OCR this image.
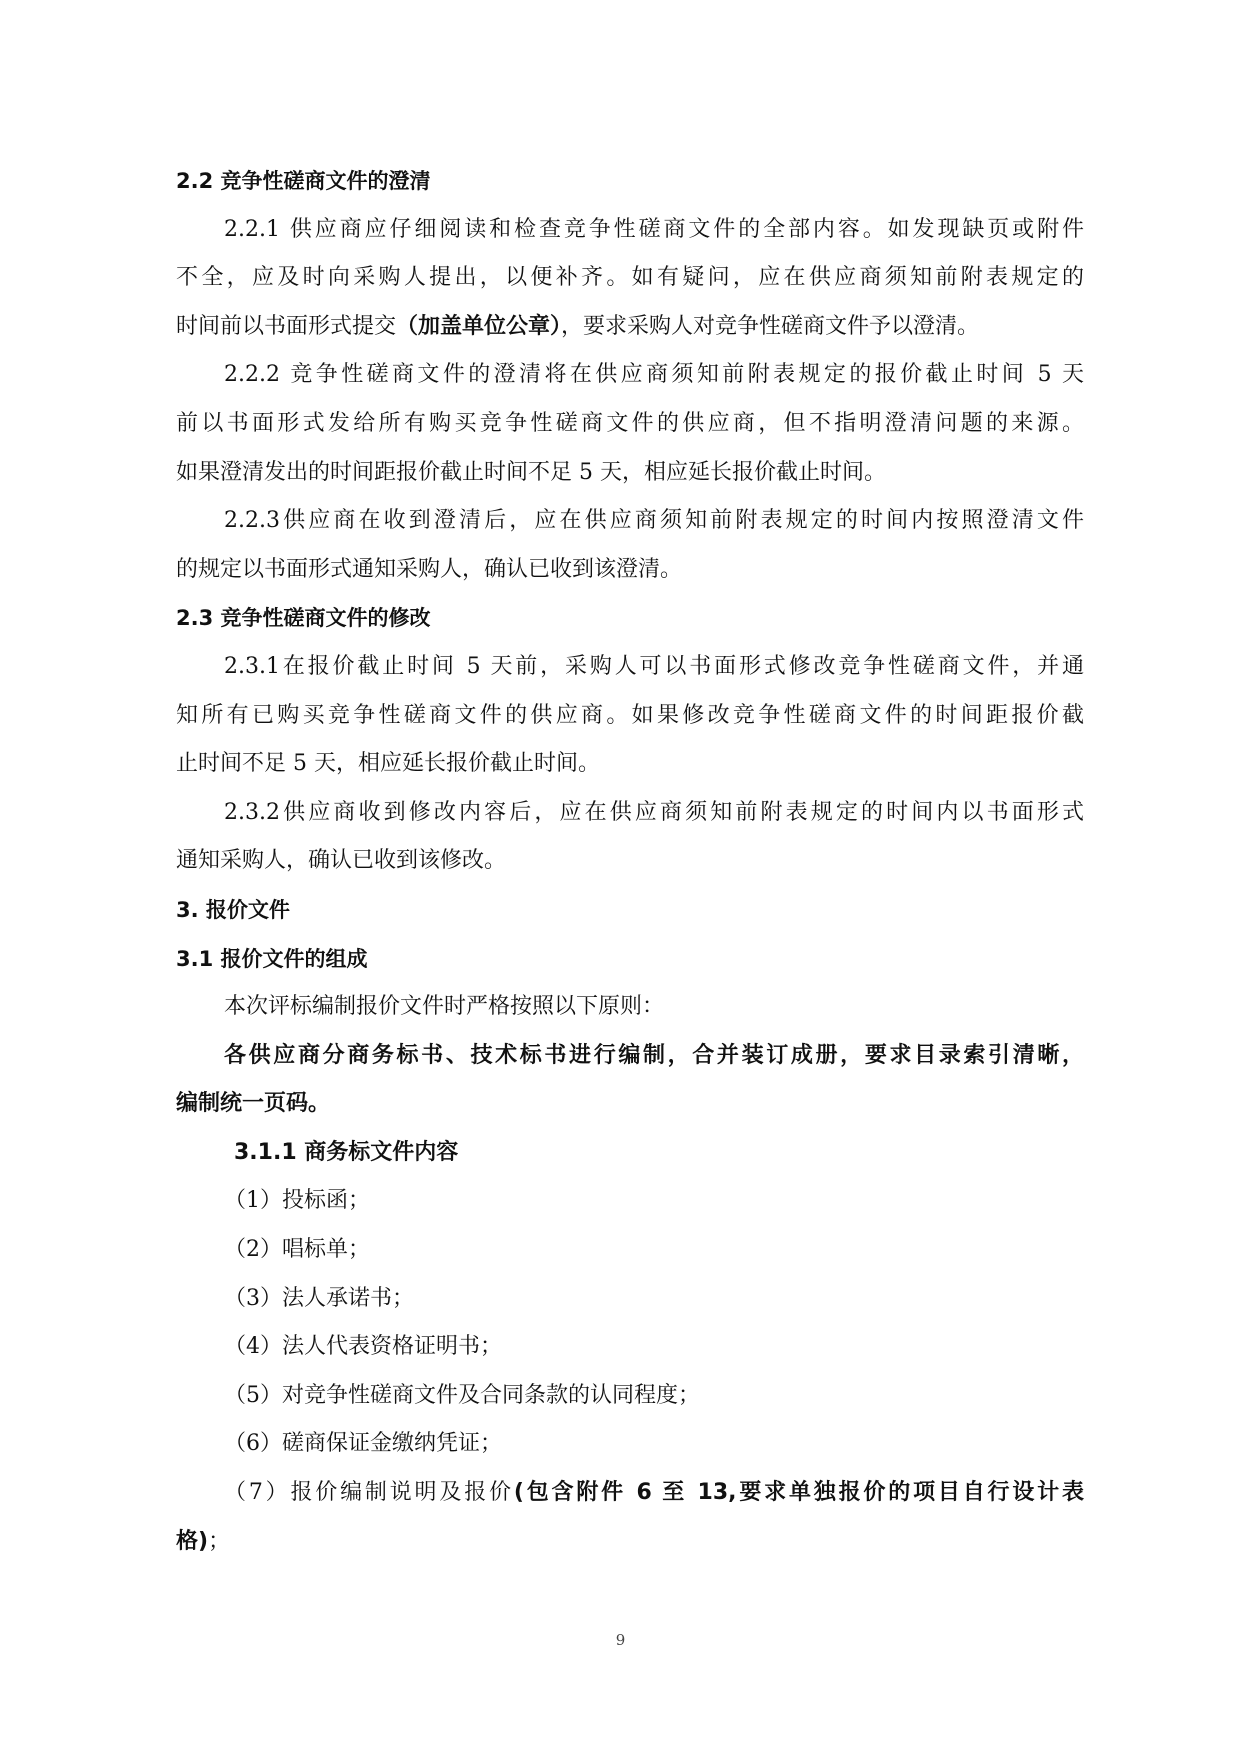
2.2 竞争性磋商文件的澄清
2.2.1 供应商应仔细阅读和检查竞争性磋商文件的全部内容。如发现缺页或附件
不全，应及时向采购人提出，以便补齐。如有疑问，应在供应商须知前附表规定的
时间前以书面形式提交（加盖单位公章），要求采购人对竞争性磋商文件予以澄清。
2.2.2 竞争性磋商文件的澄清将在供应商须知前附表规定的报价截止时间 5 天
前以书面形式发给所有购买竞争性磋商文件的供应商，但不指明澄清问题的来源。
如果澄清发出的时间距报价截止时间不足 5 天，相应延长报价截止时间。
2.2.3供应商在收到澄清后，应在供应商须知前附表规定的时间内按照澄清文件
的规定以书面形式通知采购人，确认已收到该澄清。
2.3 竞争性磋商文件的修改
2.3.1在报价截止时间 5 天前，采购人可以书面形式修改竞争性磋商文件，并通
知所有已购买竞争性磋商文件的供应商。如果修改竞争性磋商文件的时间距报价截
止时间不足 5 天，相应延长报价截止时间。
2.3.2供应商收到修改内容后，应在供应商须知前附表规定的时间内以书面形式
通知采购人，确认已收到该修改。
3. 报价文件
3.1 报价文件的组成
本次评标编制报价文件时严格按照以下原则：
各供应商分商务标书、技术标书进行编制，合并装订成册，要求目录索引清晰，
编制统一页码。
3.1.1 商务标文件内容
（1）投标函；
（2）唱标单；
（3）法人承诺书；
（4）法人代表资格证明书；
（5）对竞争性磋商文件及合同条款的认同程度；
（6）磋商保证金缴纳凭证；
（7）报价编制说明及报价(包含附件 6 至 13,要求单独报价的项目自行设计表
格)；
9
